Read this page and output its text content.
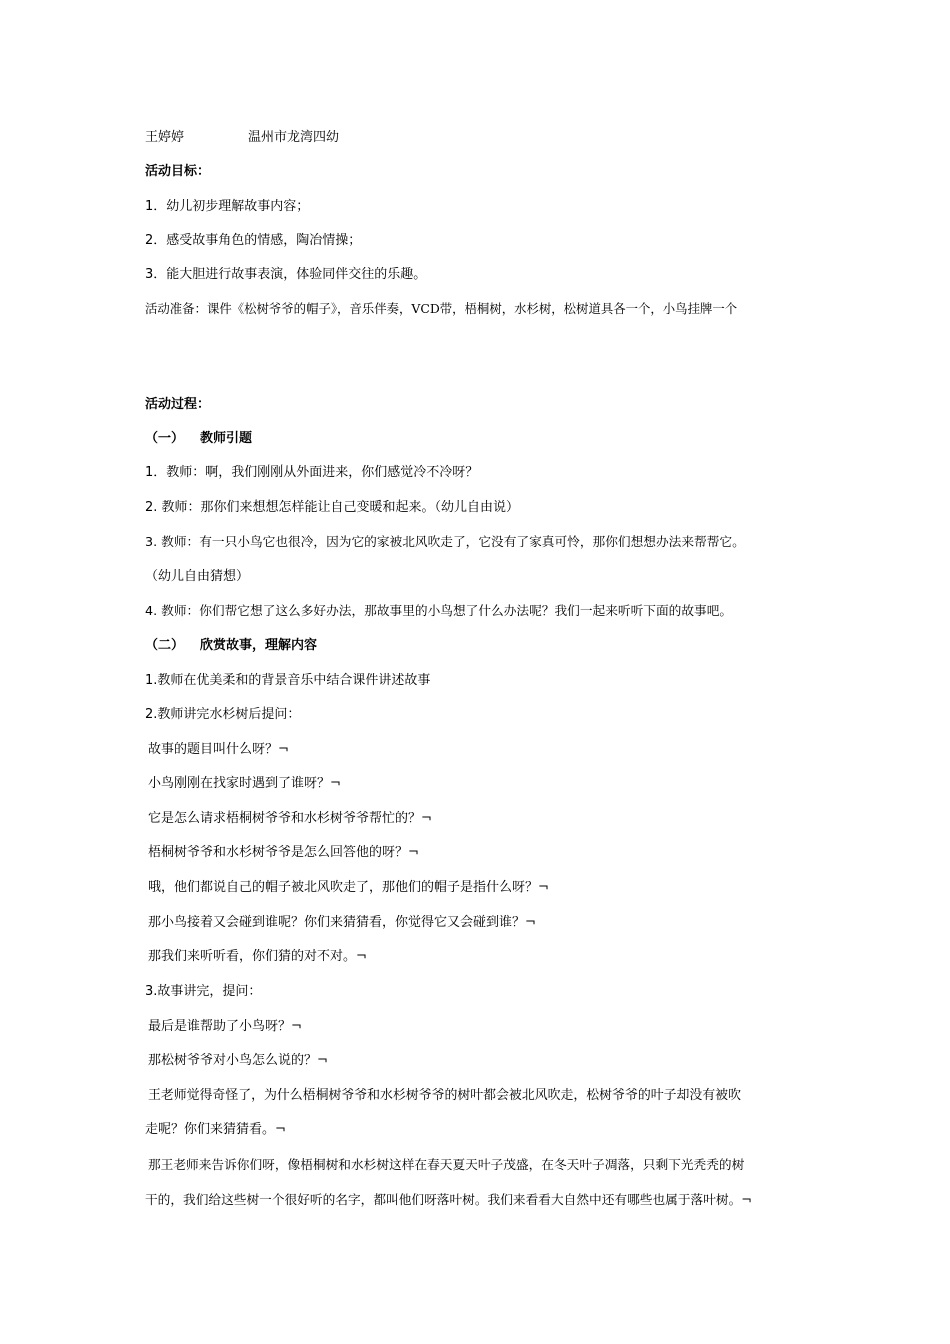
王婷婷	温州市龙湾四幼
活动目标：
1．幼儿初步理解故事内容；
2．感受故事角色的情感，陶冶情操；
3．能大胆进行故事表演，体验同伴交往的乐趣。
活动准备：课件《松树爷爷的帽子》，音乐伴奏，VCD带，梧桐树，水杉树，松树道具各一个，小鸟挂牌一个
活动过程：
（一） 教师引题
1．教师：啊，我们刚刚从外面进来，你们感觉冷不冷呀？
2. 教师：那你们来想想怎样能让自己变暖和起来。（幼儿自由说）
3. 教师：有一只小鸟它也很冷，因为它的家被北风吹走了，它没有了家真可怜，那你们想想办法来帮帮它。
（幼儿自由猜想）
4. 教师：你们帮它想了这么多好办法，那故事里的小鸟想了什么办法呢？我们一起来听听下面的故事吧。
（二） 欣赏故事，理解内容
1.教师在优美柔和的背景音乐中结合课件讲述故事
2.教师讲完水杉树后提问：
故事的题目叫什么呀？¬
小鸟刚刚在找家时遇到了谁呀？¬
它是怎么请求梧桐树爷爷和水杉树爷爷帮忙的？¬
梧桐树爷爷和水杉树爷爷是怎么回答他的呀？¬
哦，他们都说自己的帽子被北风吹走了，那他们的帽子是指什么呀？¬
那小鸟接着又会碰到谁呢？你们来猜猜看，你觉得它又会碰到谁？¬
那我们来听听看，你们猜的对不对。¬
3.故事讲完，提问：
最后是谁帮助了小鸟呀？¬
那松树爷爷对小鸟怎么说的？¬
王老师觉得奇怪了，为什么梧桐树爷爷和水杉树爷爷的树叶都会被北风吹走，松树爷爷的叶子却没有被吹
走呢？你们来猜猜看。¬
那王老师来告诉你们呀，像梧桐树和水杉树这样在春天夏天叶子茂盛，在冬天叶子凋落，只剩下光秃秃的树
干的，我们给这些树一个很好听的名字，都叫他们呀落叶树。我们来看看大自然中还有哪些也属于落叶树。¬
